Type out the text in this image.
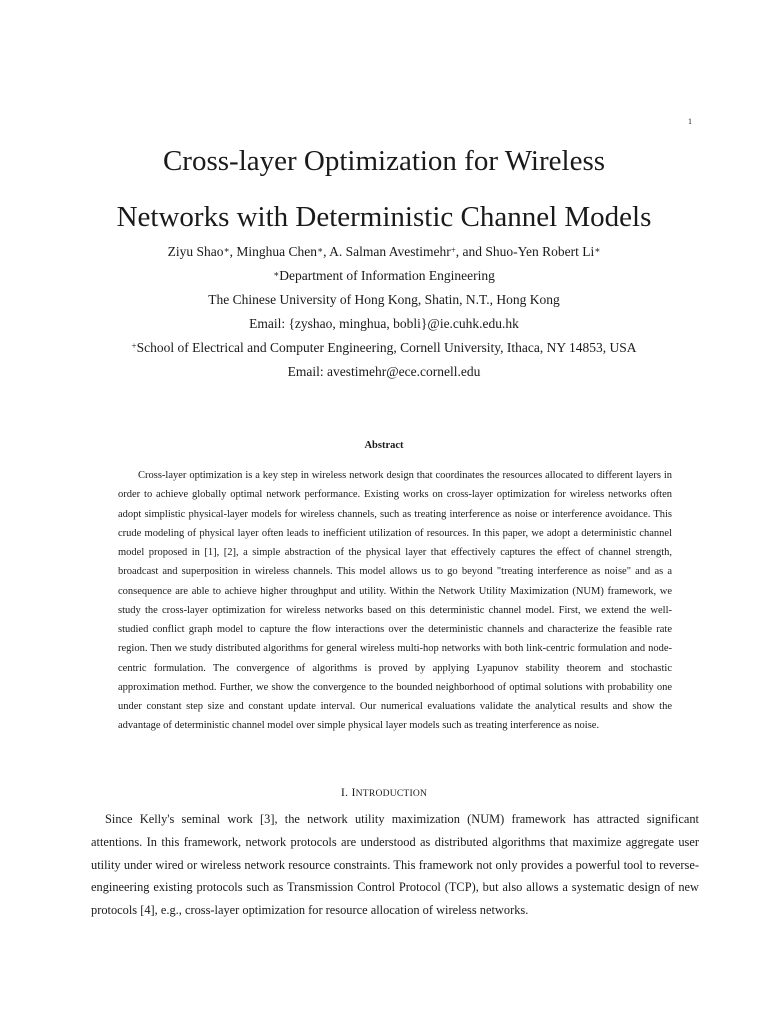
1
Cross-layer Optimization for Wireless
Networks with Deterministic Channel Models
Ziyu Shao∗, Minghua Chen∗, A. Salman Avestimehr+, and Shuo-Yen Robert Li∗
∗Department of Information Engineering
The Chinese University of Hong Kong, Shatin, N.T., Hong Kong
Email: {zyshao, minghua, bobli}@ie.cuhk.edu.hk
+School of Electrical and Computer Engineering, Cornell University, Ithaca, NY 14853, USA
Email: avestimehr@ece.cornell.edu
Abstract

Cross-layer optimization is a key step in wireless network design that coordinates the resources allocated to different layers in order to achieve globally optimal network performance. Existing works on cross-layer optimization for wireless networks often adopt simplistic physical-layer models for wireless channels, such as treating interference as noise or interference avoidance. This crude modeling of physical layer often leads to inefficient utilization of resources. In this paper, we adopt a deterministic channel model proposed in [1], [2], a simple abstraction of the physical layer that effectively captures the effect of channel strength, broadcast and superposition in wireless channels. This model allows us to go beyond "treating interference as noise" and as a consequence are able to achieve higher throughput and utility. Within the Network Utility Maximization (NUM) framework, we study the cross-layer optimization for wireless networks based on this deterministic channel model. First, we extend the well-studied conflict graph model to capture the flow interactions over the deterministic channels and characterize the feasible rate region. Then we study distributed algorithms for general wireless multi-hop networks with both link-centric formulation and node-centric formulation. The convergence of algorithms is proved by applying Lyapunov stability theorem and stochastic approximation method. Further, we show the convergence to the bounded neighborhood of optimal solutions with probability one under constant step size and constant update interval. Our numerical evaluations validate the analytical results and show the advantage of deterministic channel model over simple physical layer models such as treating interference as noise.

I. INTRODUCTION

Since Kelly's seminal work [3], the network utility maximization (NUM) framework has attracted significant attentions. In this framework, network protocols are understood as distributed algorithms that maximize aggregate user utility under wired or wireless network resource constraints. This framework not only provides a powerful tool to reverse-engineering existing protocols such as Transmission Control Protocol (TCP), but also allows a systematic design of new protocols [4], e.g., cross-layer optimization for resource allocation of wireless networks.
